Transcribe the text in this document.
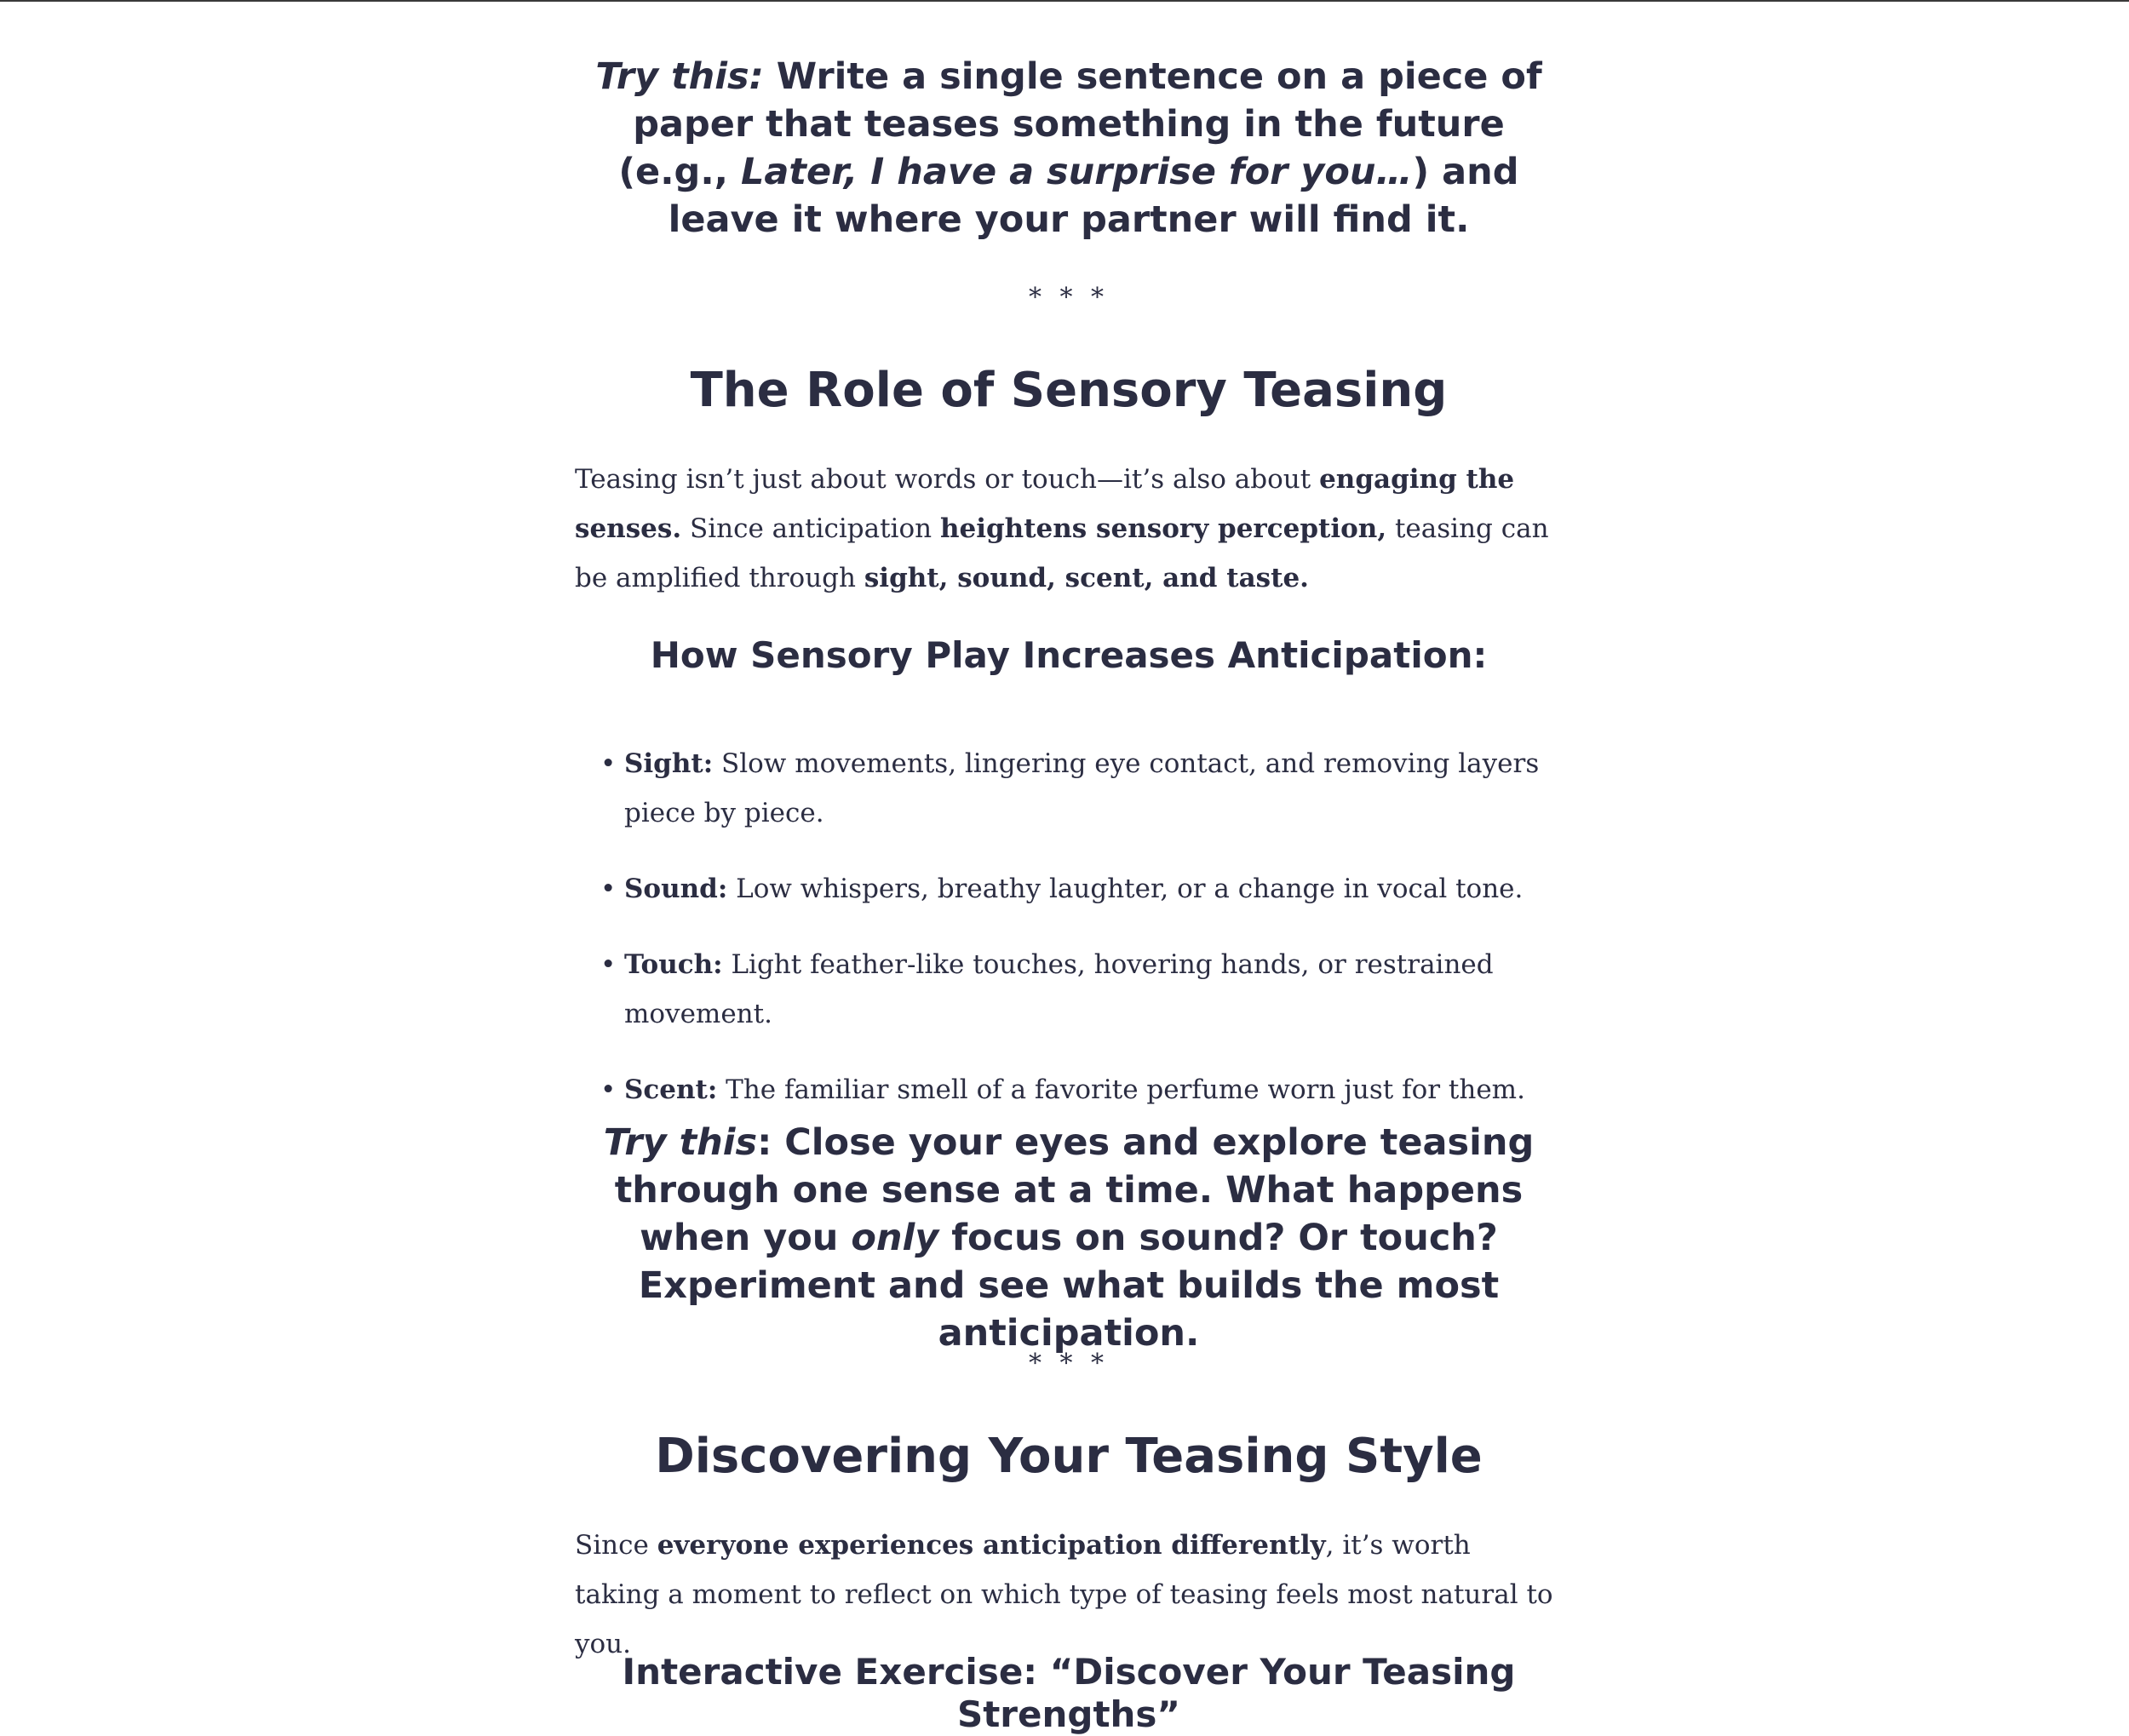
Try this: Write a single sentence on a piece of paper that teases something in the future (e.g., Later, I have a surprise for you…) and leave it where your partner will find it.

* * *

The Role of Sensory Teasing

Teasing isn’t just about words or touch—it’s also about engaging the senses. Since anticipation heightens sensory perception, teasing can be amplified through sight, sound, scent, and taste.

How Sensory Play Increases Anticipation:
• Sight: Slow movements, lingering eye contact, and removing layers piece by piece.
• Sound: Low whispers, breathy laughter, or a change in vocal tone.
• Touch: Light feather-like touches, hovering hands, or restrained movement.
• Scent: The familiar smell of a favorite perfume worn just for them.

Try this: Close your eyes and explore teasing through one sense at a time. What happens when you only focus on sound? Or touch? Experiment and see what builds the most anticipation.

* * *

Discovering Your Teasing Style

Since everyone experiences anticipation differently, it’s worth taking a moment to reflect on which type of teasing feels most natural to you.

Interactive Exercise: “Discover Your Teasing Strengths”
